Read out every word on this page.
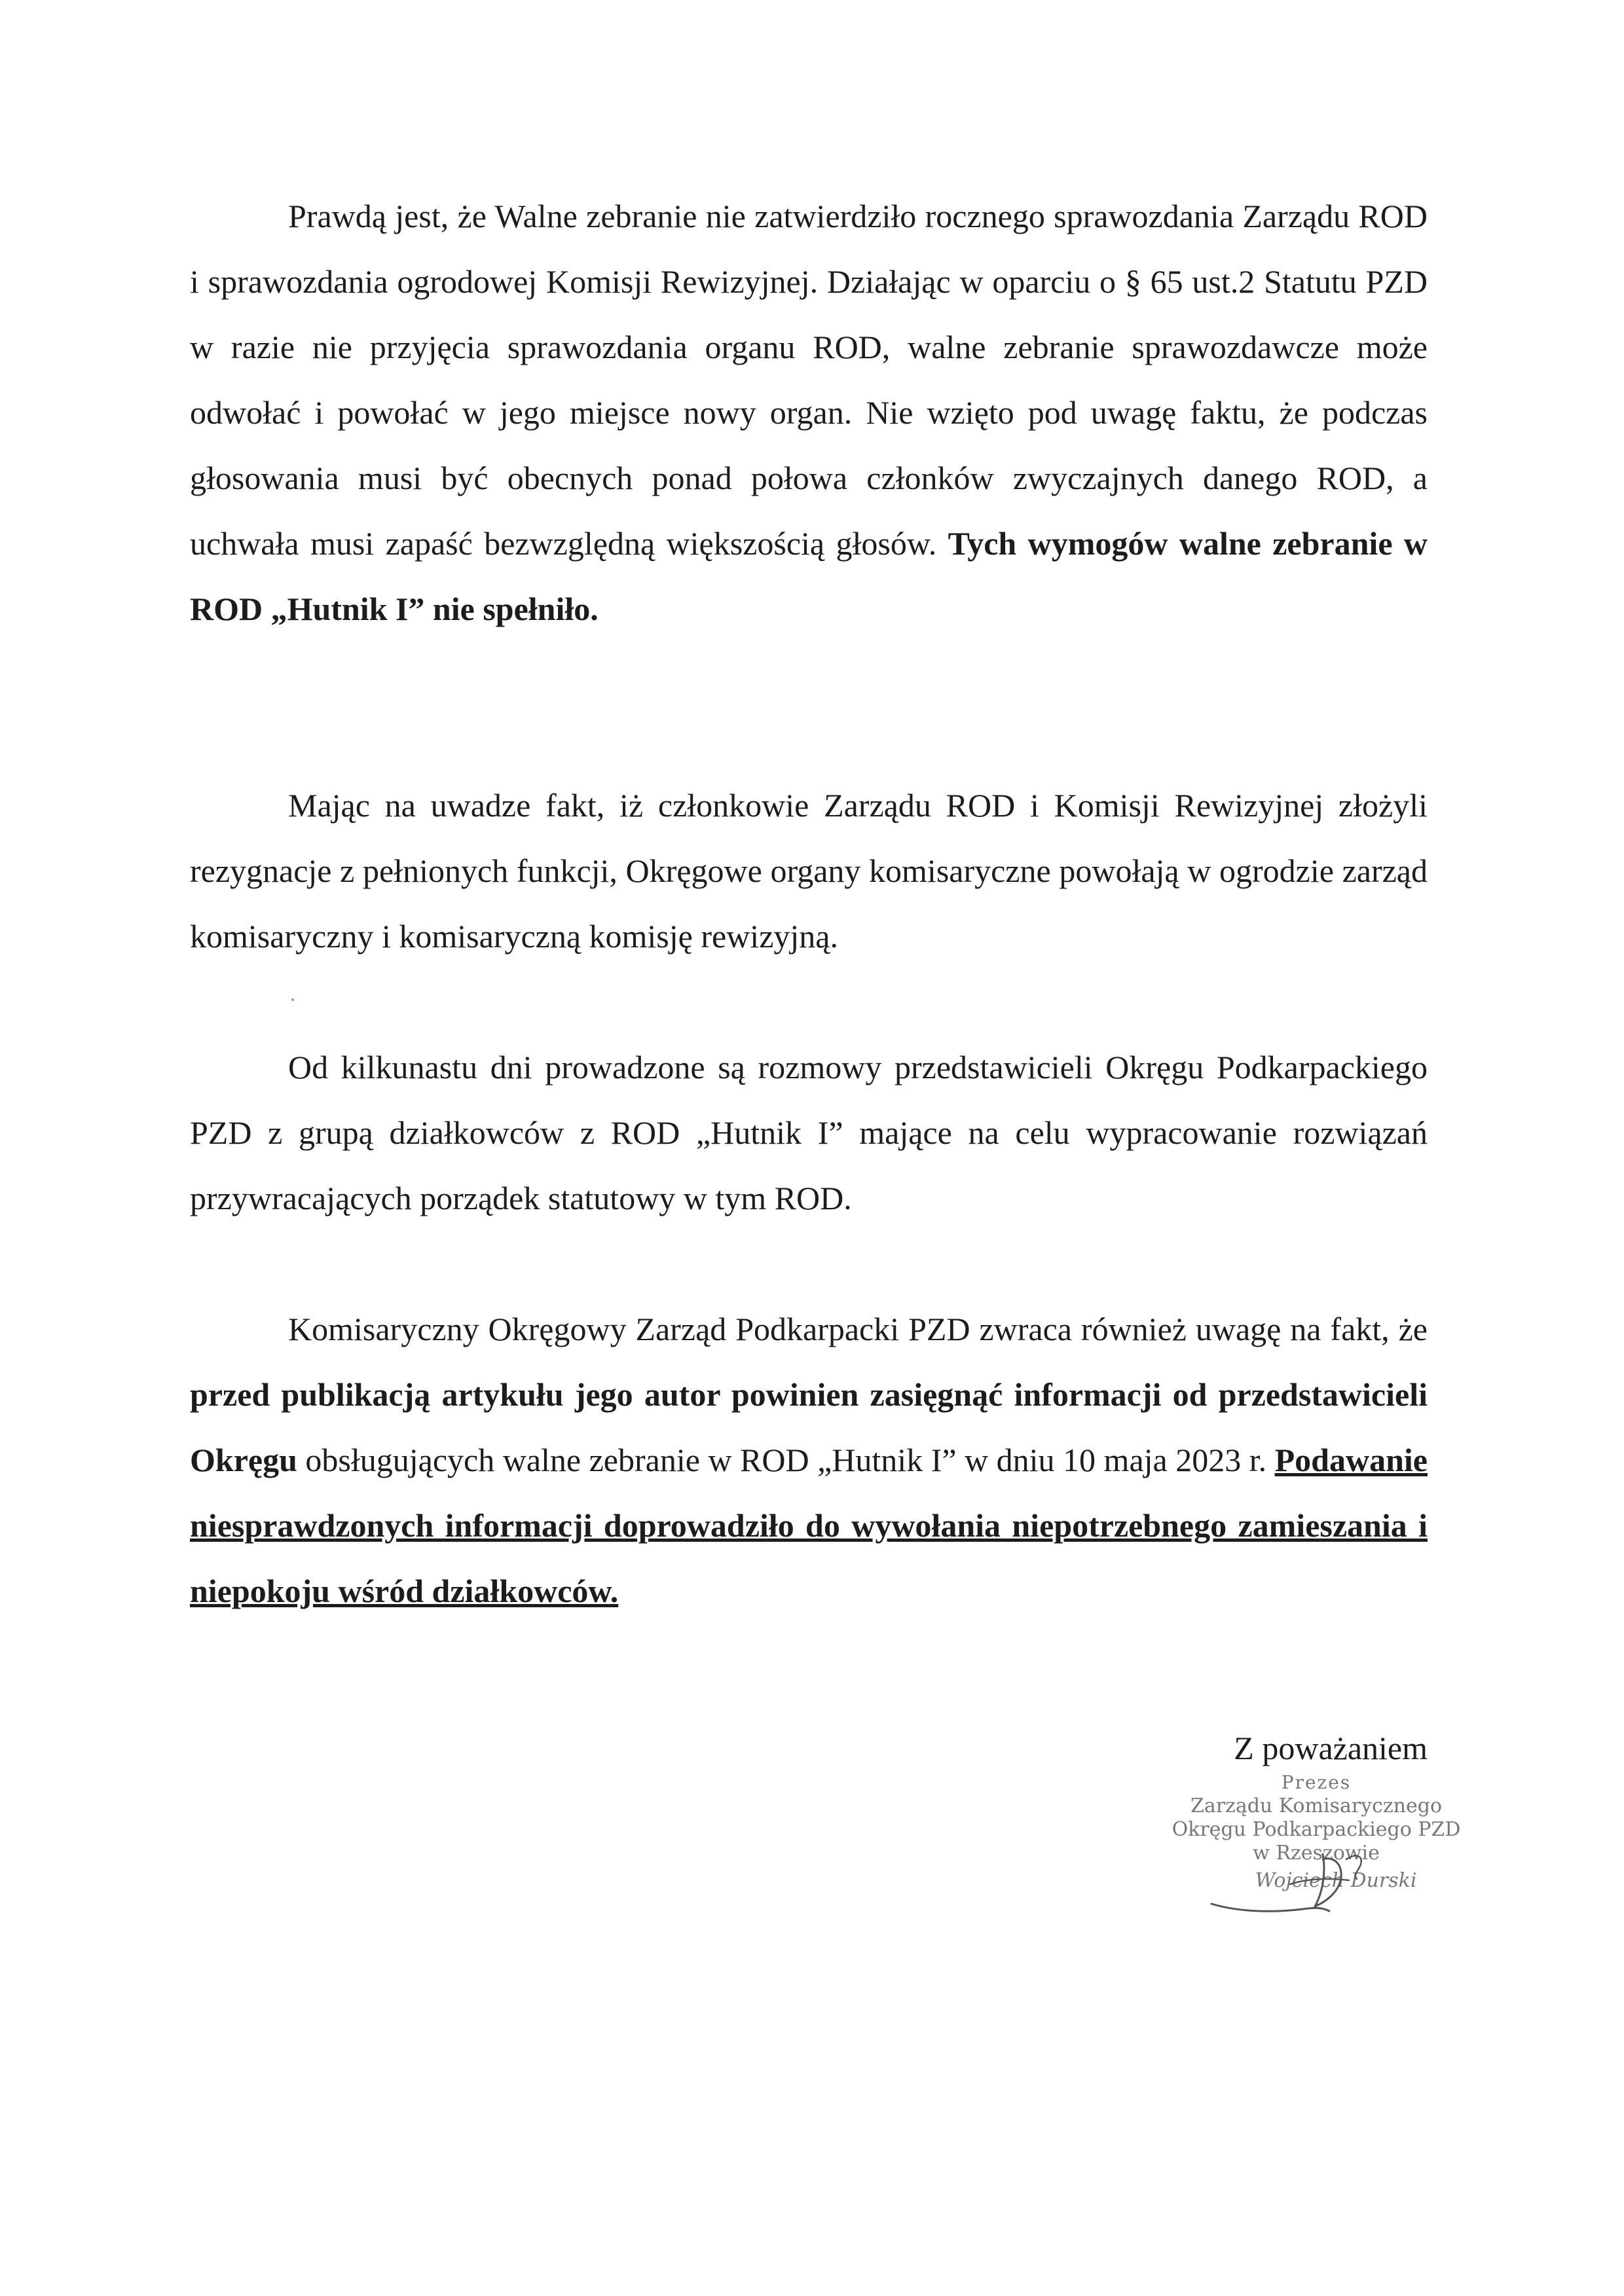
Prawdą jest, że Walne zebranie nie zatwierdziło rocznego sprawozdania Zarządu ROD i sprawozdania ogrodowej Komisji Rewizyjnej. Działając w oparciu o § 65 ust.2 Statutu PZD w razie nie przyjęcia sprawozdania organu ROD, walne zebranie sprawozdawcze może odwołać i powołać w jego miejsce nowy organ. Nie wzięto pod uwagę faktu, że podczas głosowania musi być obecnych ponad połowa członków zwyczajnych danego ROD, a uchwała musi zapaść bezwzględną większością głosów. Tych wymogów walne zebranie w ROD „Hutnik I” nie spełniło.

Mając na uwadze fakt, iż członkowie Zarządu ROD i Komisji Rewizyjnej złożyli rezygnacje z pełnionych funkcji, Okręgowe organy komisaryczne powołają w ogrodzie zarząd komisaryczny i komisaryczną komisję rewizyjną.

Od kilkunastu dni prowadzone są rozmowy przedstawicieli Okręgu Podkarpackiego PZD z grupą działkowców z ROD „Hutnik I” mające na celu wypracowanie rozwiązań przywracających porządek statutowy w tym ROD.

Komisaryczny Okręgowy Zarząd Podkarpacki PZD zwraca również uwagę na fakt, że przed publikacją artykułu jego autor powinien zasięgnąć informacji od przedstawicieli Okręgu obsługujących walne zebranie w ROD „Hutnik I” w dniu 10 maja 2023 r. Podawanie niesprawdzonych informacji doprowadziło do wywołania niepotrzebnego zamieszania i niepokoju wśród działkowców.

Z poważaniem
Prezes
Zarządu Komisarycznego
Okręgu Podkarpackiego PZD
w Rzeszowie
Wojciech Durski
